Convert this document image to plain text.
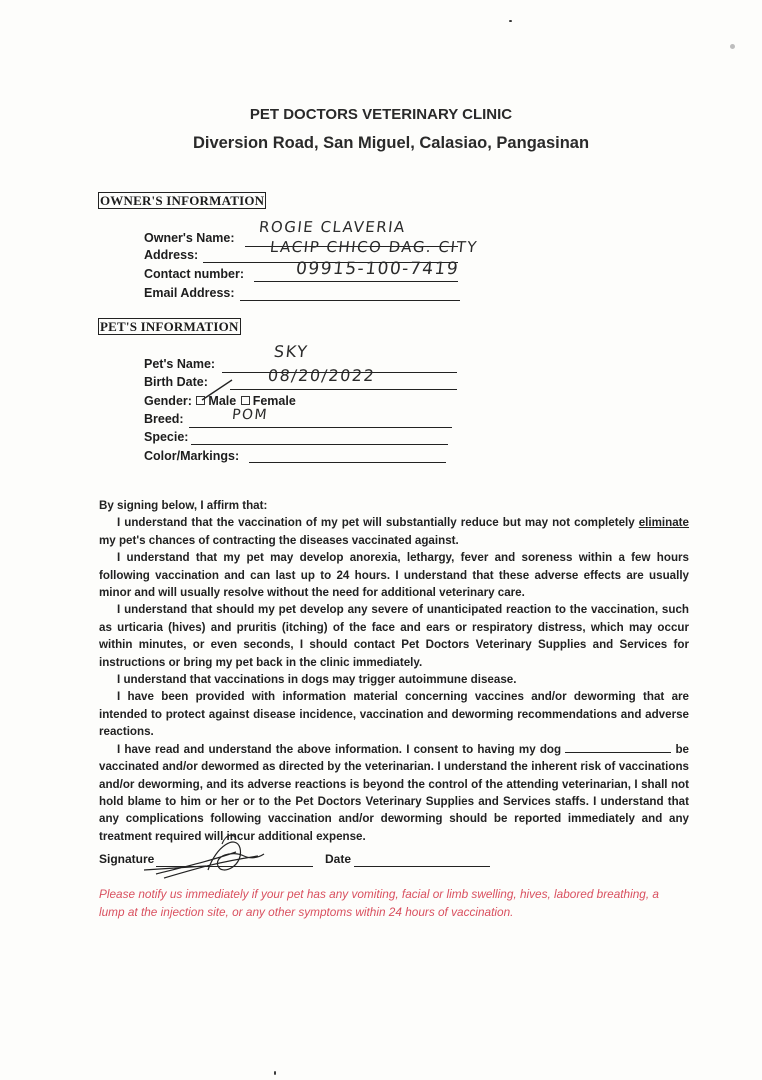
PET DOCTORS VETERINARY CLINIC
Diversion Road, San Miguel, Calasiao, Pangasinan
OWNER'S INFORMATION
Owner's Name:
ROGIE CLAVERIA
Address:	LACIP CHICO DAG. CITY
Contact number:	09915-100-7419
Email Address:
PET'S INFORMATION
Pet's Name:
SKY
Birth Date:	08/20/2022
Gender: Male Female
Breed:	POM
Specie:
Color/Markings:

By signing below, I affirm that:

I understand that the vaccination of my pet will substantially reduce but may not completely eliminate my pet's chances of contracting the diseases vaccinated against.

I understand that my pet may develop anorexia, lethargy, fever and soreness within a few hours following vaccination and can last up to 24 hours. I understand that these adverse effects are usually minor and will usually resolve without the need for additional veterinary care.

I understand that should my pet develop any severe of unanticipated reaction to the vaccination, such as urticaria (hives) and pruritis (itching) of the face and ears or respiratory distress, which may occur within minutes, or even seconds, I should contact Pet Doctors Veterinary Supplies and Services for instructions or bring my pet back in the clinic immediately.

I understand that vaccinations in dogs may trigger autoimmune disease.

I have been provided with information material concerning vaccines and/or deworming that are intended to protect against disease incidence, vaccination and deworming recommendations and adverse reactions.

I have read and understand the above information. I consent to having my dog	be vaccinated and/or dewormed as directed by the veterinarian. I understand the inherent risk of vaccinations and/or deworming, and its adverse reactions is beyond the control of the attending veterinarian, I shall not hold blame to him or her or to the Pet Doctors Veterinary Supplies and Services staffs. I understand that any complications following vaccination and/or deworming should be reported immediately and any treatment required will incur additional expense.

Signature	Date
Please notify us immediately if your pet has any vomiting, facial or limb swelling, hives, labored breathing, a lump at the injection site, or any other symptoms within 24 hours of vaccination.
